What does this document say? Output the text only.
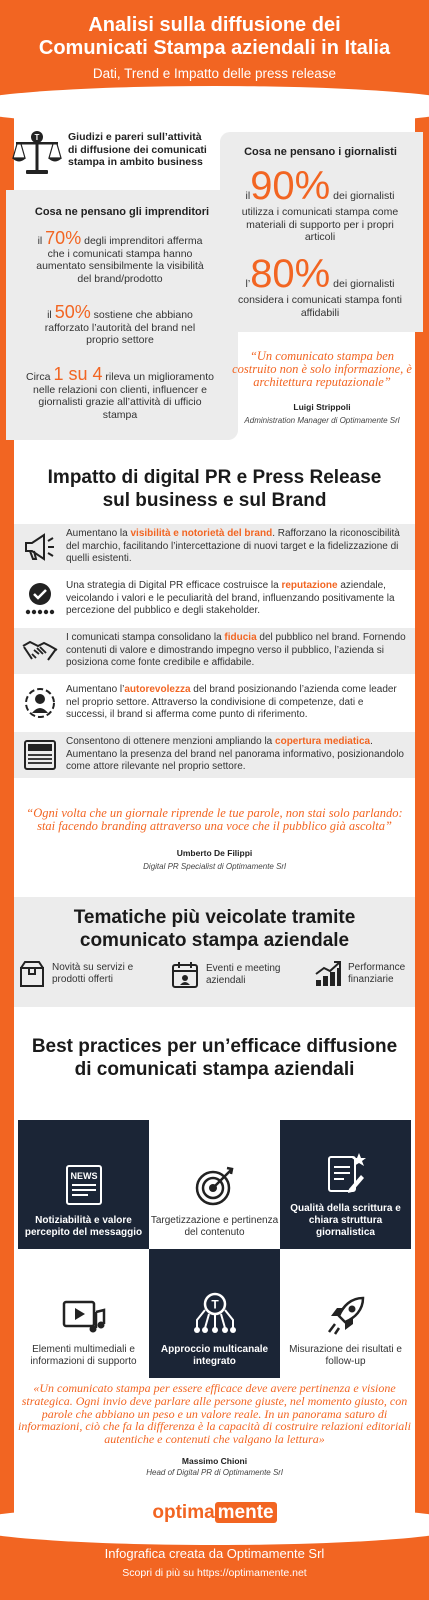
Analisi sulla diffusione dei
Comunicati Stampa aziendali in Italia
Dati, Trend e Impatto delle press release
T	Giudizi e pareri sull’attività di diffusione dei comunicati stampa in ambito business
Cosa ne pensano gli imprenditori
il 70% degli imprenditori afferma che i comunicati stampa hanno aumentato sensibilmente la visibilità del brand/prodotto
il 50% sostiene che abbiano rafforzato l’autorità del brand nel proprio settore
Circa 1 su 4 rileva un miglioramento nelle relazioni con clienti, influencer e giornalisti grazie all’attività di ufficio stampa
Cosa ne pensano i giornalisti
il90% dei giornalisti utilizza i comunicati stampa come materiali di supporto per i propri articoli
l’80% dei giornalisti considera i comunicati stampa fonti affidabili
“Un comunicato stampa ben costruito non è solo informazione, è architettura reputazionale”
Luigi Strippoli
Administration Manager di Optimamente Srl
Impatto di digital PR e Press Release
sul business e sul Brand
Aumentano la visibilità e notorietà del brand. Rafforzano la riconoscibilità del marchio, facilitando l’intercettazione di nuovi target e la fidelizzazione di quelli esistenti.
Una strategia di Digital PR efficace costruisce la reputazione aziendale, veicolando i valori e le peculiarità del brand, influenzando positivamente la percezione del pubblico e degli stakeholder.
I comunicati stampa consolidano la fiducia del pubblico nel brand. Fornendo contenuti di valore e dimostrando impegno verso il pubblico, l’azienda si posiziona come fonte credibile e affidabile.
Aumentano l’autorevolezza del brand posizionando l’azienda come leader nel proprio settore. Attraverso la condivisione di competenze, dati e successi, il brand si afferma come punto di riferimento.
Consentono di ottenere menzioni ampliando la copertura mediatica. Aumentano la presenza del brand nel panorama informativo, posizionandolo come attore rilevante nel proprio settore.
“Ogni volta che un giornale riprende le tue parole, non stai solo parlando: stai facendo branding attraverso una voce che il pubblico già ascolta”
Umberto De Filippi
Digital PR Specialist di Optimamente Srl
Tematiche più veicolate tramite
comunicato stampa aziendale
Novità su servizi e prodotti offerti
Eventi e meeting aziendali
Performance finanziarie
Best practices per un’efficace diffusione
di comunicati stampa aziendali
NEWS
Notiziabilità e valore percepito del messaggio
Targetizzazione e pertinenza del contenuto
Qualità della scrittura e chiara struttura giornalistica
Elementi multimediali e informazioni di supporto
T
Approccio multicanale integrato
Misurazione dei risultati e follow-up
«Un comunicato stampa per essere efficace deve avere pertinenza e visione strategica. Ogni invio deve parlare alle persone giuste, nel momento giusto, con parole che abbiano un peso e un valore reale. In un panorama saturo di informazioni, ciò che fa la differenza è la capacità di costruire relazioni editoriali autentiche e contenuti che valgano la lettura»
Massimo Chioni
Head of Digital PR di Optimamente Srl
optima mente
Infografica creata da Optimamente Srl
Scopri di più su https://optimamente.net
